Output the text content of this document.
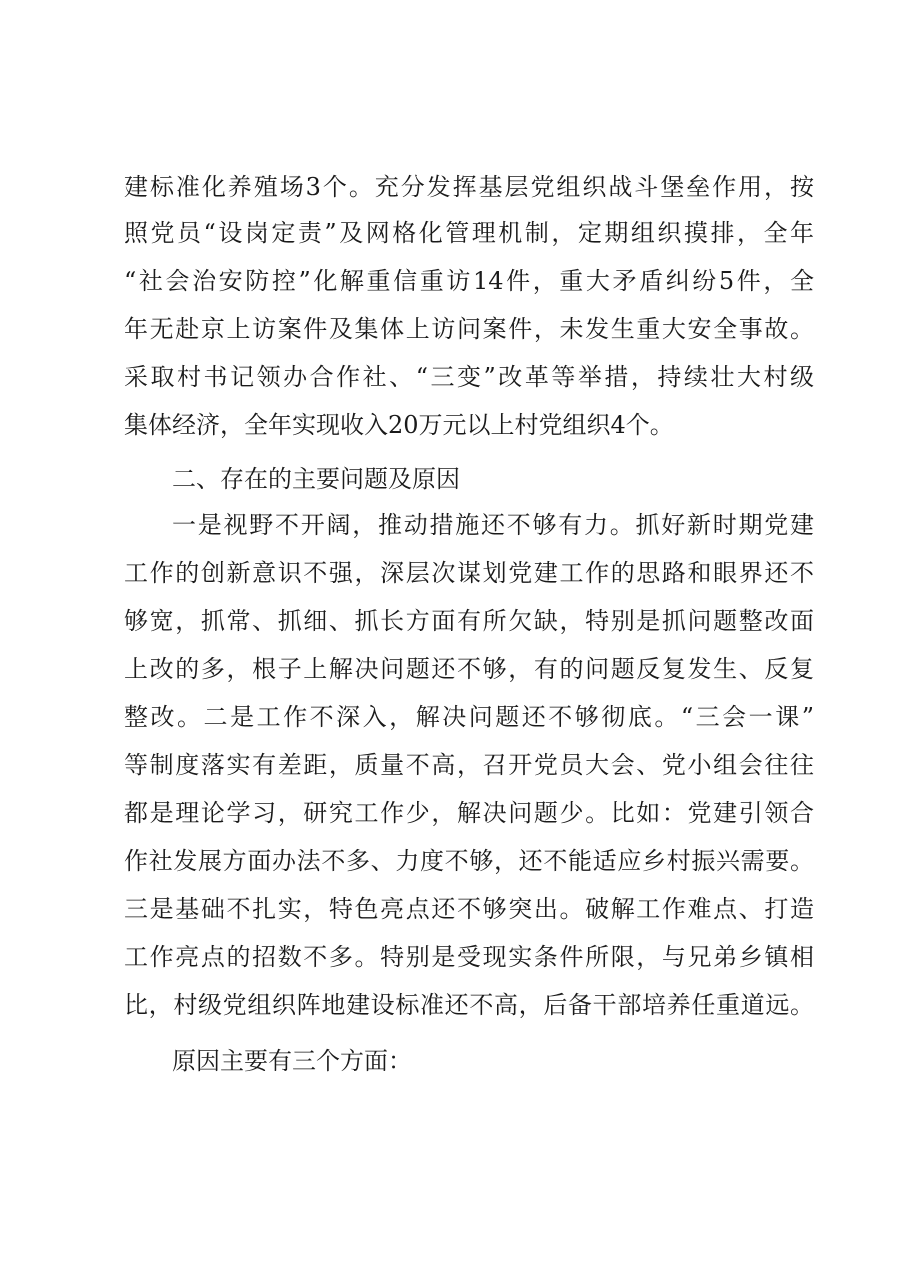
建标准化养殖场3个。充分发挥基层党组织战斗堡垒作用，按

照党员“设岗定责”及网格化管理机制，定期组织摸排，全年

“社会治安防控”化解重信重访14件，重大矛盾纠纷5件，全

年无赴京上访案件及集体上访问案件，未发生重大安全事故。

采取村书记领办合作社、“三变”改革等举措，持续壮大村级

集体经济，全年实现收入20万元以上村党组织4个。

二、存在的主要问题及原因

一是视野不开阔，推动措施还不够有力。抓好新时期党建

工作的创新意识不强，深层次谋划党建工作的思路和眼界还不

够宽，抓常、抓细、抓长方面有所欠缺，特别是抓问题整改面

上改的多，根子上解决问题还不够，有的问题反复发生、反复

整改。二是工作不深入，解决问题还不够彻底。“三会一课”

等制度落实有差距，质量不高，召开党员大会、党小组会往往

都是理论学习，研究工作少，解决问题少。比如：党建引领合

作社发展方面办法不多、力度不够，还不能适应乡村振兴需要。

三是基础不扎实，特色亮点还不够突出。破解工作难点、打造

工作亮点的招数不多。特别是受现实条件所限，与兄弟乡镇相

比，村级党组织阵地建设标准还不高，后备干部培养任重道远。

原因主要有三个方面：
